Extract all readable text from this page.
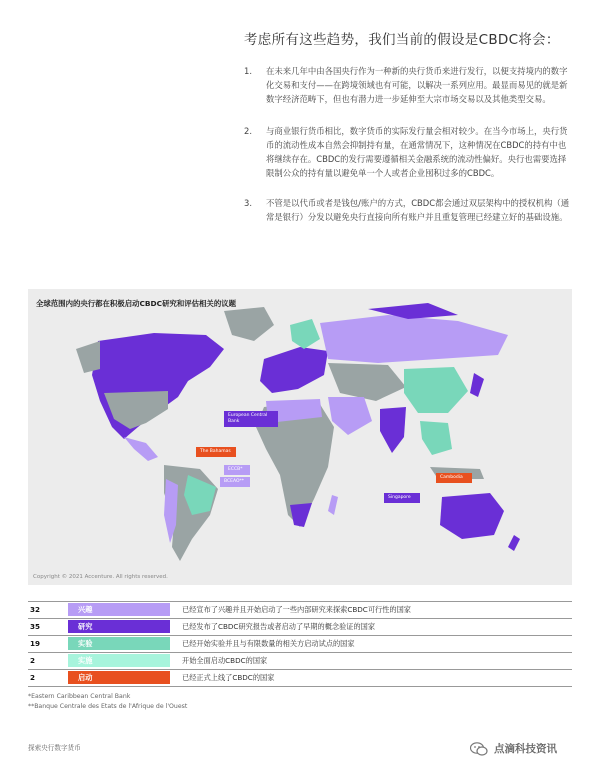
考虑所有这些趋势，我们当前的假设是CBDC将会：
1.	在未来几年中由各国央行作为一种新的央行货币来进行发行，以便支持境内的数字化交易和支付——在跨境领域也有可能，以解决一系列应用。最显而易见的就是新数字经济范畴下，但也有潜力进一步延伸至大宗市场交易以及其他类型交易。
2.	与商业银行货币相比，数字货币的实际发行量会相对较少。在当今市场上，央行货币的流动性成本自然会抑制持有量，在通常情况下，这种情况在CBDC的持有中也将继续存在。CBDC的发行需要遵循相关金融系统的流动性偏好。央行也需要选择限制公众的持有量以避免单一个人或者企业囤积过多的CBDC。
3.	不管是以代币或者是钱包/账户的方式，CBDC都会通过双层架构中的授权机构（通常是银行）分发以避免央行直接向所有账户并且重复管理已经建立好的基础设施。
全球范围内的央行都在积极启动CBDC研究和评估相关的议题
European Central Bank
The Bahamas
ECCB*
BCEAO**
Singapore
Cambodia
Copyright © 2021 Accenture. All rights reserved.
32	兴趣	已经宣布了兴趣并且开始启动了一些内部研究来探索CBDC可行性的国家
35	研究	已经发布了CBDC研究报告或者启动了早期的概念验证的国家
19	实验	已经开始实验并且与有限数量的相关方启动试点的国家
2	实施	开始全面启动CBDC的国家
2	启动	已经正式上线了CBDC的国家
*Eastern Caribbean Central Bank
**Banque Centrale des Etats de l'Afrique de l'Ouest
探索央行数字货币	点滴科技资讯
